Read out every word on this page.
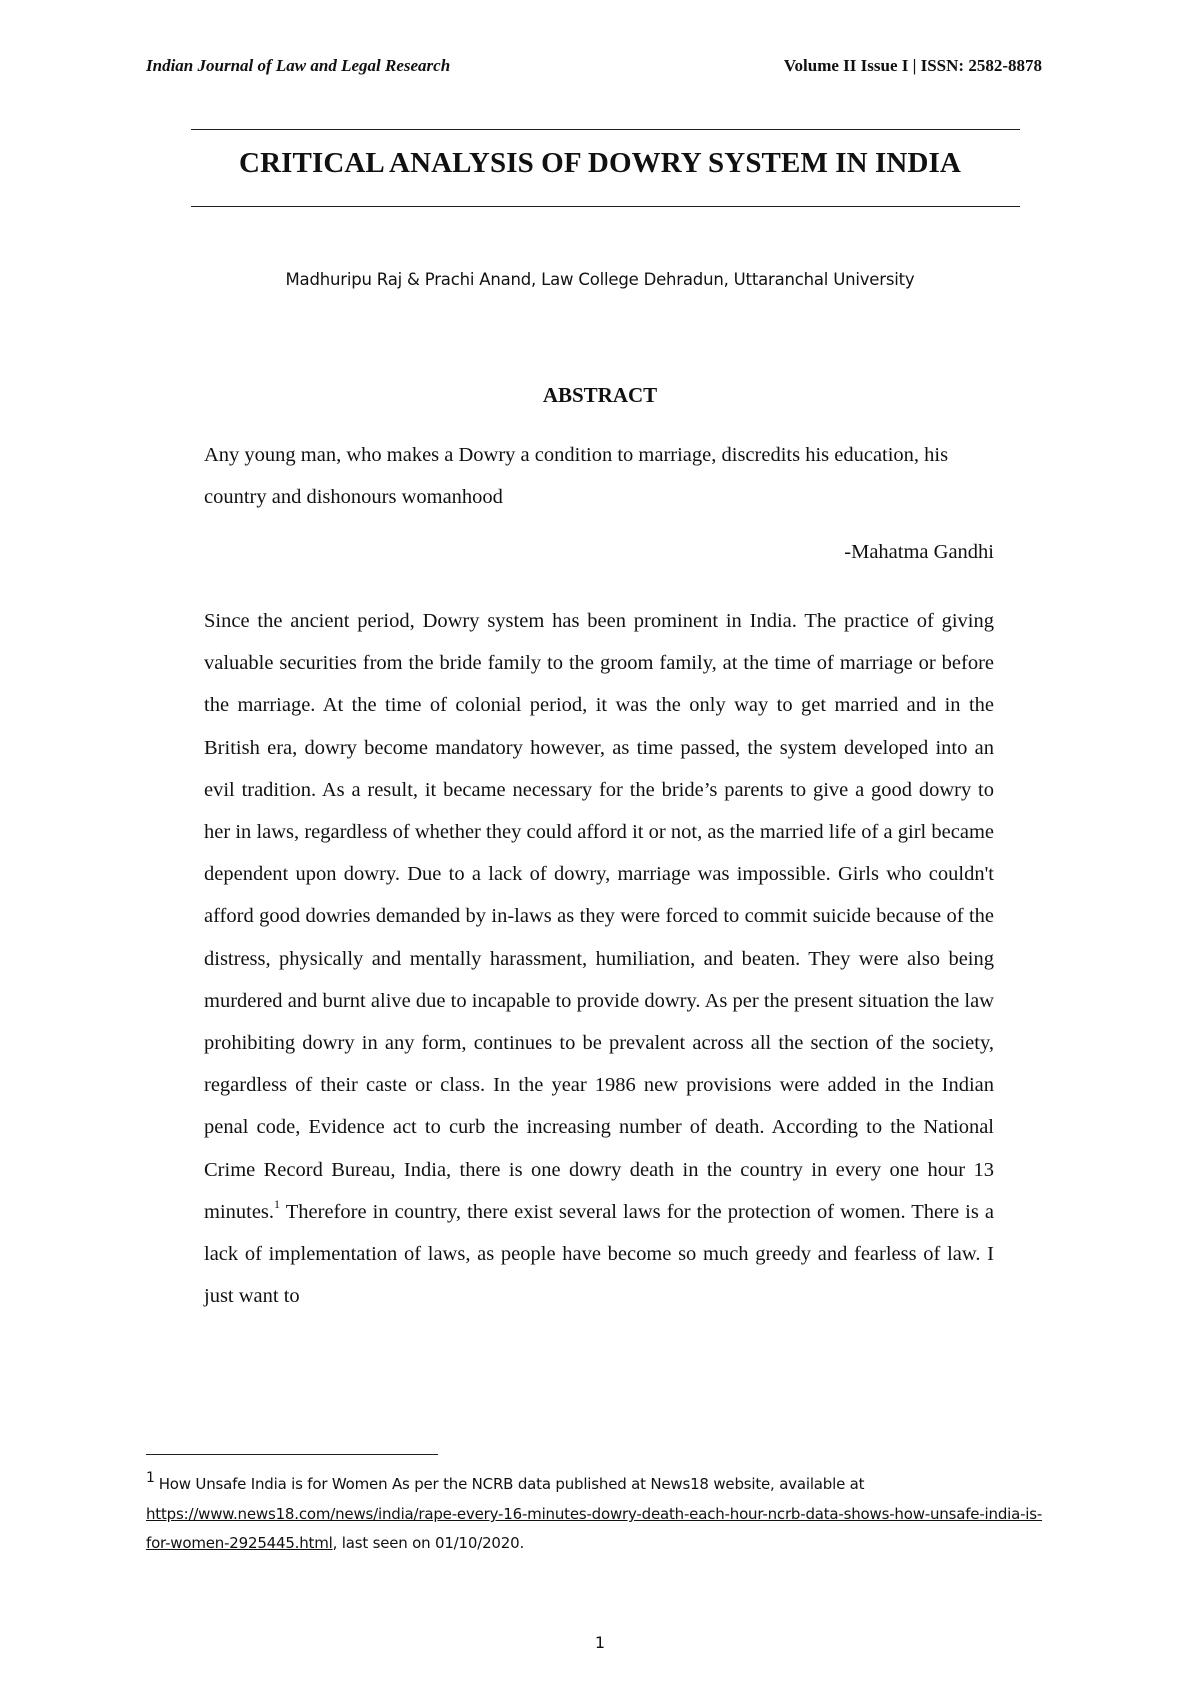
Indian Journal of Law and Legal Research	Volume II Issue I | ISSN: 2582-8878
CRITICAL ANALYSIS OF DOWRY SYSTEM IN INDIA
Madhuripu Raj & Prachi Anand, Law College Dehradun, Uttaranchal University
ABSTRACT
Any young man, who makes a Dowry a condition to marriage, discredits his education, his country and dishonours womanhood
-Mahatma Gandhi
Since the ancient period, Dowry system has been prominent in India. The practice of giving valuable securities from the bride family to the groom family, at the time of marriage or before the marriage. At the time of colonial period, it was the only way to get married and in the British era, dowry become mandatory however, as time passed, the system developed into an evil tradition. As a result, it became necessary for the bride’s parents to give a good dowry to her in laws, regardless of whether they could afford it or not, as the married life of a girl became dependent upon dowry. Due to a lack of dowry, marriage was impossible. Girls who couldn't afford good dowries demanded by in-laws as they were forced to commit suicide because of the distress, physically and mentally harassment, humiliation, and beaten. They were also being murdered and burnt alive due to incapable to provide dowry. As per the present situation the law prohibiting dowry in any form, continues to be prevalent across all the section of the society, regardless of their caste or class. In the year 1986 new provisions were added in the Indian penal code, Evidence act to curb the increasing number of death. According to the National Crime Record Bureau, India, there is one dowry death in the country in every one hour 13 minutes.$^1$ Therefore in country, there exist several laws for the protection of women. There is a lack of implementation of laws, as people have become so much greedy and fearless of law. I just want to
1 How Unsafe India is for Women As per the NCRB data published at News18 website, available at
https://www.news18.com/news/india/rape-every-16-minutes-dowry-death-each-hour-ncrb-data-shows-how-unsafe-india-is-for-women-2925445.html, last seen on 01/10/2020.
1
